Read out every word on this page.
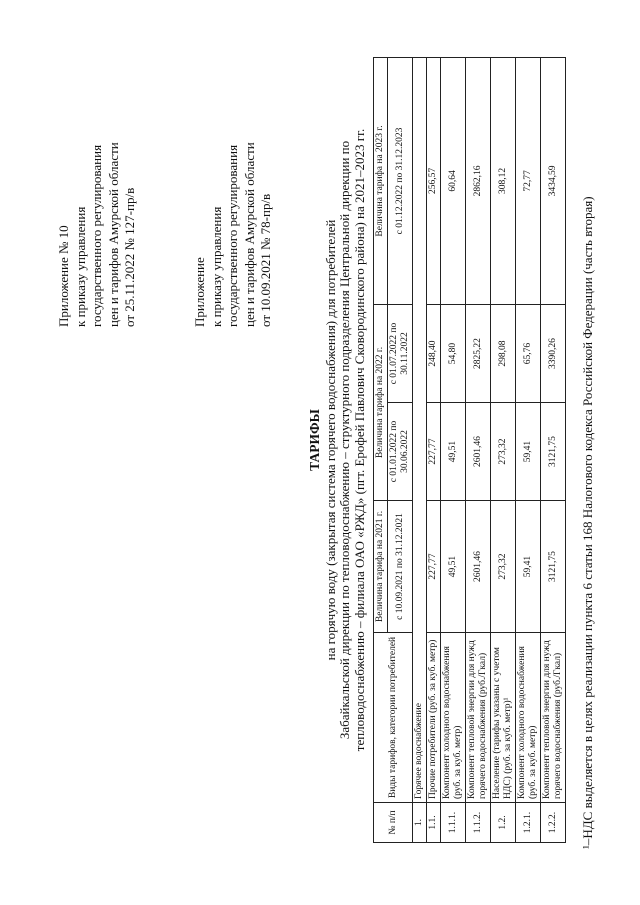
Приложение № 10 к приказу управления государственного регулирования цен и тарифов Амурской области от 25.11.2022 № 127-пр/в	Приложение к приказу управления государственного регулирования цен и тарифов Амурской области от 10.09.2021 № 78-пр/в
ТАРИФЫ на горячую воду (закрытая система горячего водоснабжения) для потребителей Забайкальской дирекции по тепловодоснабжению – структурного подразделения Центральной дирекции по тепловодоснабжению – филиала ОАО «РЖД» (пгт. Ерофей Павлович Сковородинского района) на 2021–2023 гг.
№ п/п	Виды тарифов, категории потребителей	Величина тарифа на 2021 г.	Величина тарифа на 2022 г.		Величина тарифа на 2023 г.
		с 10.09.2021 по 31.12.2021	с 01.01.2022 по 30.06.2022	с 01.07.2022 по 30.11.2022	с 01.12.2022 по 31.12.2023
1.	Горячее водоснабжение				
1.1.	Прочие потребители (руб. за куб. метр)	227,77	227,77	248,40	256,57
1.1.1.	Компонент холодного водоснабжения (руб. за куб. метр)	49,51	49,51	54,80	60,64
1.1.2.	Компонент тепловой энергии для нужд горячего водоснабжения (руб./Гкал)	2601,46	2601,46	2825,22	2862,16
1.2.	Население (тарифы указаны с учетом НДС) (руб. за куб. метр)¹	273,32	273,32	298,08	308,12
1.2.1.	Компонент холодного водоснабжения (руб. за куб. метр)	59,41	59,41	65,76	72,77
1.2.2.	Компонент тепловой энергии для нужд горячего водоснабжения (руб./Гкал)	3121,75	3121,75	3390,26	3434,59
¹–НДС выделяется в целях реализации пункта 6 статьи 168 Налогового кодекса Российской Федерации (часть вторая)
